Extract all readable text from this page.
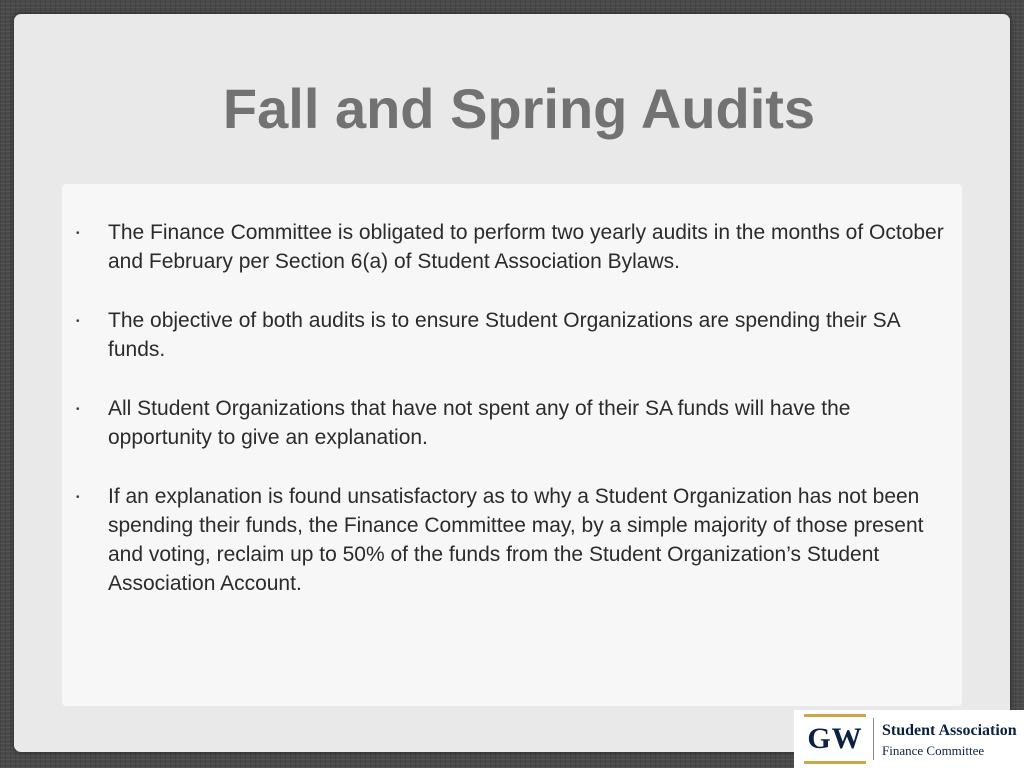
Fall and Spring Audits
• The Finance Committee is obligated to perform two yearly audits in the months of October and February per Section 6(a) of Student Association Bylaws.
• The objective of both audits is to ensure Student Organizations are spending their SA funds.
• All Student Organizations that have not spent any of their SA funds will have the opportunity to give an explanation.
• If an explanation is found unsatisfactory as to why a Student Organization has not been spending their funds, the Finance Committee may, by a simple majority of those present and voting, reclaim up to 50% of the funds from the Student Organization’s Student Association Account.
GW Student Association
Finance Committee
